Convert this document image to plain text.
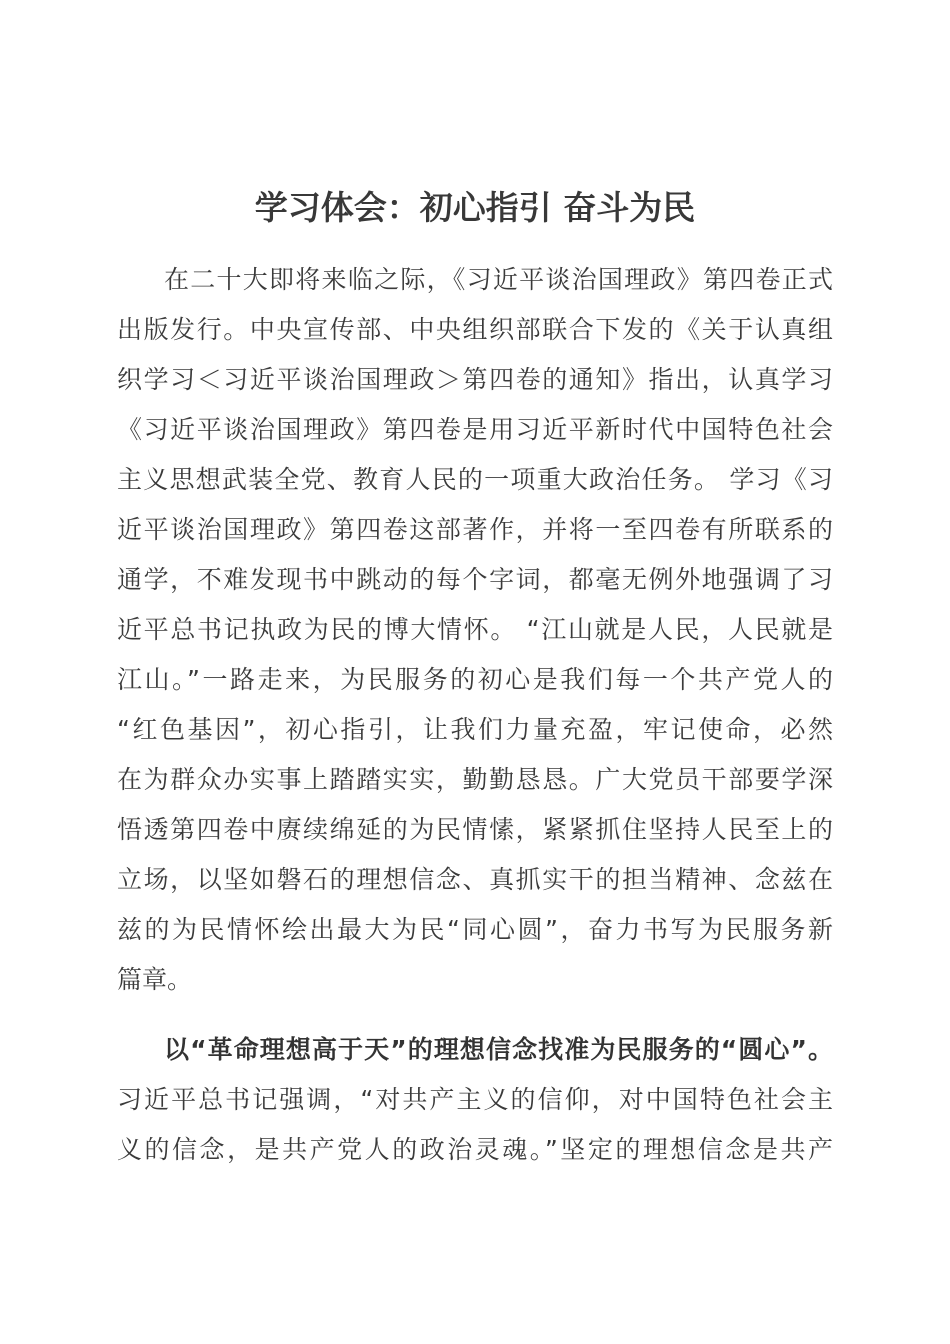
学习体会：初心指引 奋斗为民
在二十大即将来临之际，《习近平谈治国理政》第四卷正式
出版发行。中央宣传部、中央组织部联合下发的《关于认真组
织学习＜习近平谈治国理政＞第四卷的通知》指出，认真学习
《习近平谈治国理政》第四卷是用习近平新时代中国特色社会
主义思想武装全党、教育人民的一项重大政治任务。 学习《习
近平谈治国理政》第四卷这部著作，并将一至四卷有所联系的
通学，不难发现书中跳动的每个字词，都毫无例外地强调了习
近平总书记执政为民的博大情怀。 “江山就是人民，人民就是
江山。”一路走来，为民服务的初心是我们每一个共产党人的
“红色基因”，初心指引，让我们力量充盈，牢记使命，必然
在为群众办实事上踏踏实实，勤勤恳恳。广大党员干部要学深
悟透第四卷中赓续绵延的为民情愫，紧紧抓住坚持人民至上的
立场，以坚如磐石的理想信念、真抓实干的担当精神、念兹在
兹的为民情怀绘出最大为民“同心圆”，奋力书写为民服务新
篇章。
以“革命理想高于天”的理想信念找准为民服务的“圆心”。
习近平总书记强调，“对共产主义的信仰，对中国特色社会主
义的信念，是共产党人的政治灵魂。”坚定的理想信念是共产
